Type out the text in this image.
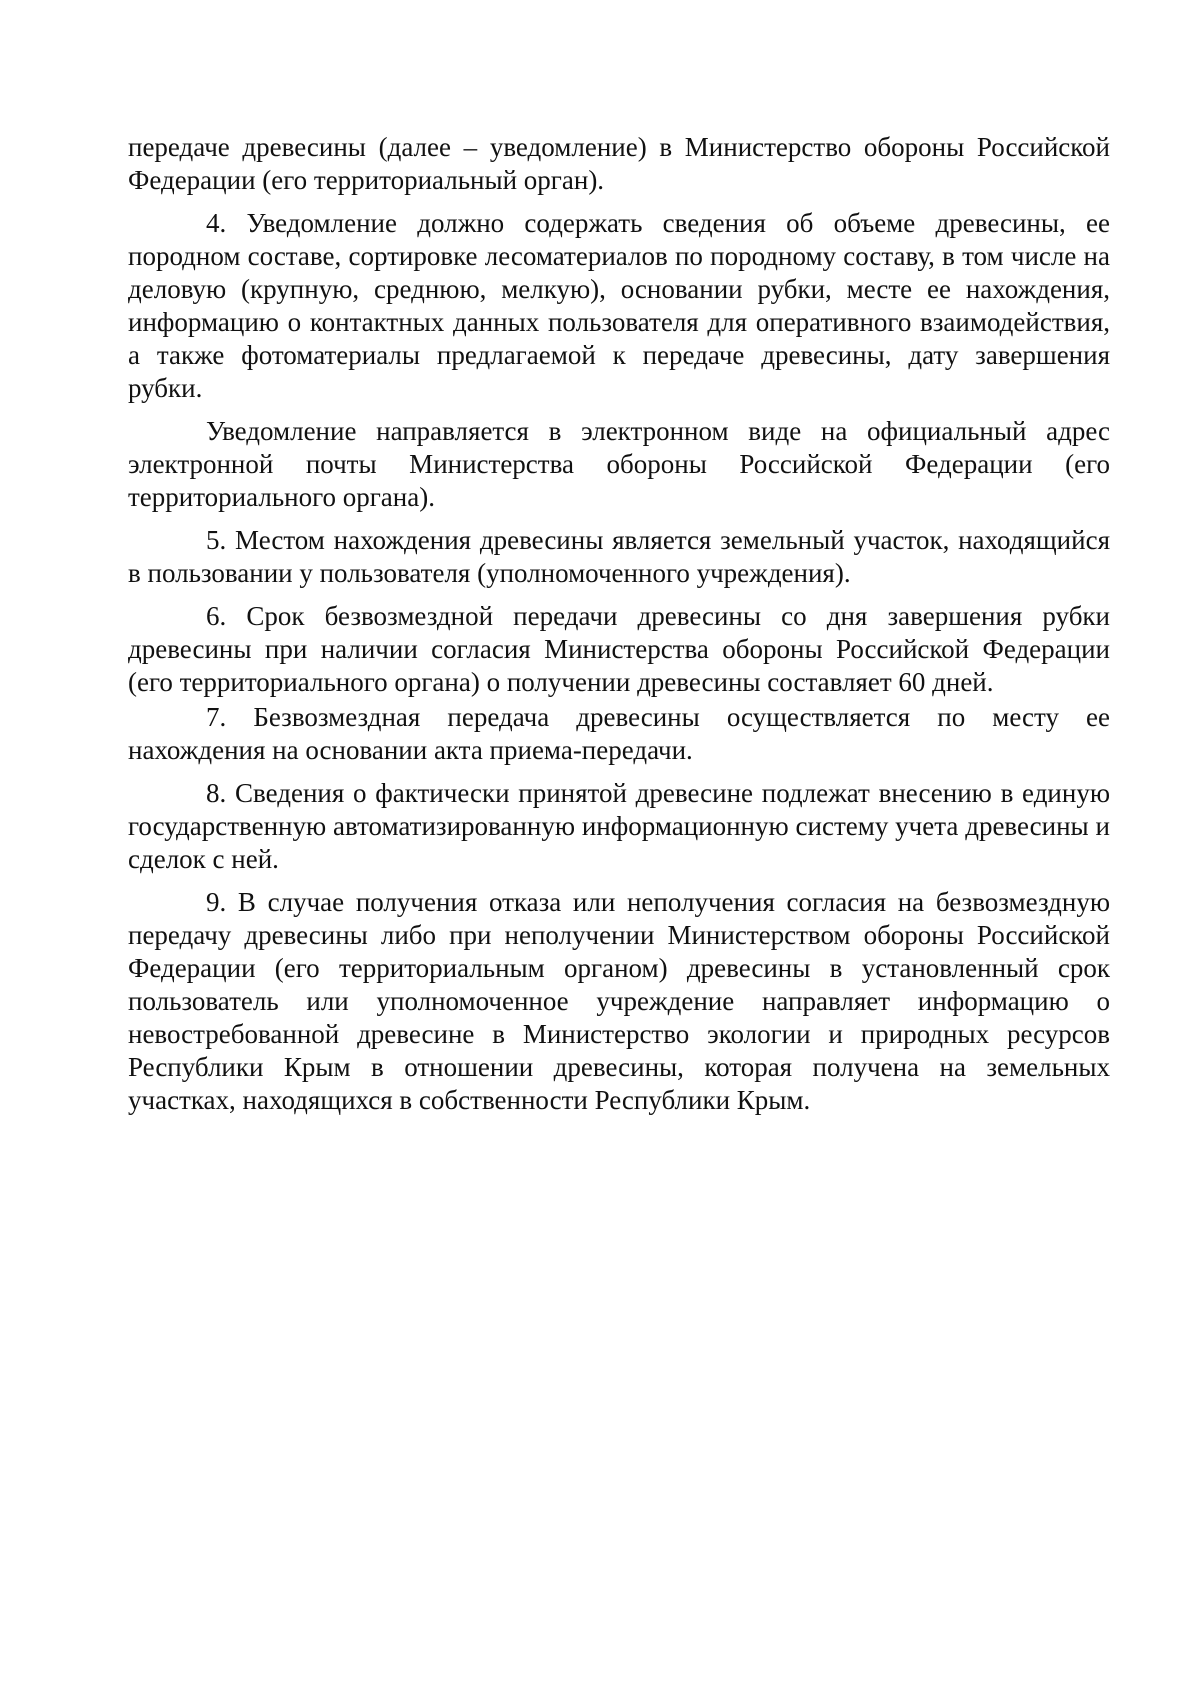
передаче древесины (далее – уведомление) в Министерство обороны Российской Федерации (его территориальный орган).

4. Уведомление должно содержать сведения об объеме древесины, ее породном составе, сортировке лесоматериалов по породному составу, в том числе на деловую (крупную, среднюю, мелкую), основании рубки, месте ее нахождения, информацию о контактных данных пользователя для оперативного взаимодействия, а также фотоматериалы предлагаемой к передаче древесины, дату завершения рубки.

Уведомление направляется в электронном виде на официальный адрес электронной почты Министерства обороны Российской Федерации (его территориального органа).

5. Местом нахождения древесины является земельный участок, находящийся в пользовании у пользователя (уполномоченного учреждения).

6. Срок безвозмездной передачи древесины со дня завершения рубки древесины при наличии согласия Министерства обороны Российской Федерации (его территориального органа) о получении древесины составляет 60 дней.

7. Безвозмездная передача древесины осуществляется по месту ее нахождения на основании акта приема-передачи.

8. Сведения о фактически принятой древесине подлежат внесению в единую государственную автоматизированную информационную систему учета древесины и сделок с ней.

9. В случае получения отказа или неполучения согласия на безвозмездную передачу древесины либо при неполучении Министерством обороны Российской Федерации (его территориальным органом) древесины в установленный срок пользователь или уполномоченное учреждение направляет информацию о невостребованной древесине в Министерство экологии и природных ресурсов Республики Крым в отношении древесины, которая получена на земельных участках, находящихся в собственности Республики Крым.
